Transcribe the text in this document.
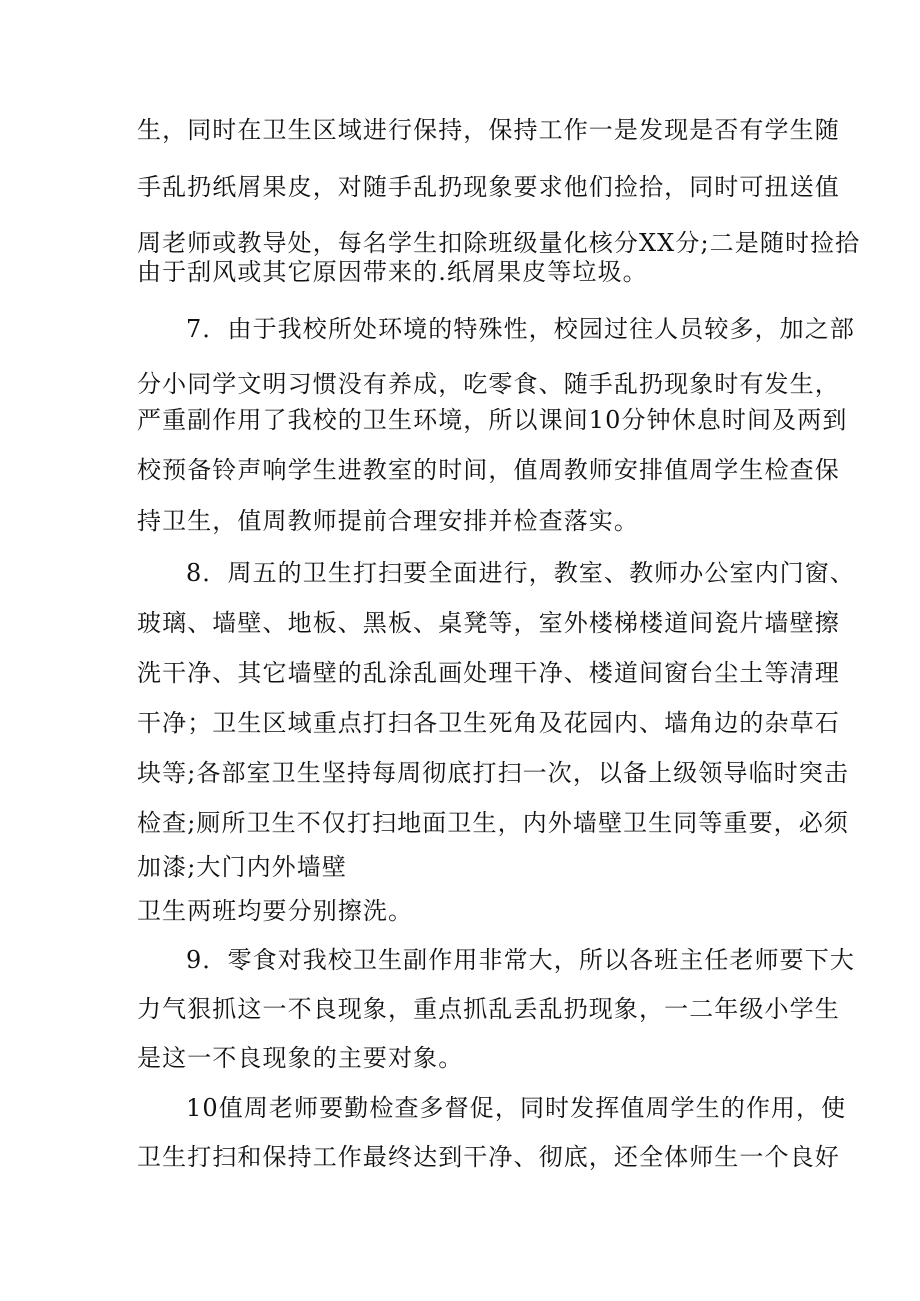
生，同时在卫生区域进行保持，保持工作一是发现是否有学生随
手乱扔纸屑果皮，对随手乱扔现象要求他们捡拾，同时可扭送值
周老师或教导处，每名学生扣除班级量化核分XX分;二是随时捡拾
由于刮风或其它原因带来的.纸屑果皮等垃圾。
7．由于我校所处环境的特殊性，校园过往人员较多，加之部
分小同学文明习惯没有养成，吃零食、随手乱扔现象时有发生，
严重副作用了我校的卫生环境，所以课间10分钟休息时间及两到
校预备铃声响学生进教室的时间，值周教师安排值周学生检查保
持卫生，值周教师提前合理安排并检查落实。
8．周五的卫生打扫要全面进行，教室、教师办公室内门窗、
玻璃、墙壁、地板、黑板、桌凳等，室外楼梯楼道间瓷片墙壁擦
洗干净、其它墙壁的乱涂乱画处理干净、楼道间窗台尘土等清理
干净；卫生区域重点打扫各卫生死角及花园内、墙角边的杂草石
块等;各部室卫生坚持每周彻底打扫一次，以备上级领导临时突击
检查;厕所卫生不仅打扫地面卫生，内外墙壁卫生同等重要，必须
加漆;大门内外墙壁
卫生两班均要分别擦洗。
9．零食对我校卫生副作用非常大，所以各班主任老师要下大
力气狠抓这一不良现象，重点抓乱丢乱扔现象，一二年级小学生
是这一不良现象的主要对象。
10值周老师要勤检查多督促，同时发挥值周学生的作用，使
卫生打扫和保持工作最终达到干净、彻底，还全体师生一个良好
